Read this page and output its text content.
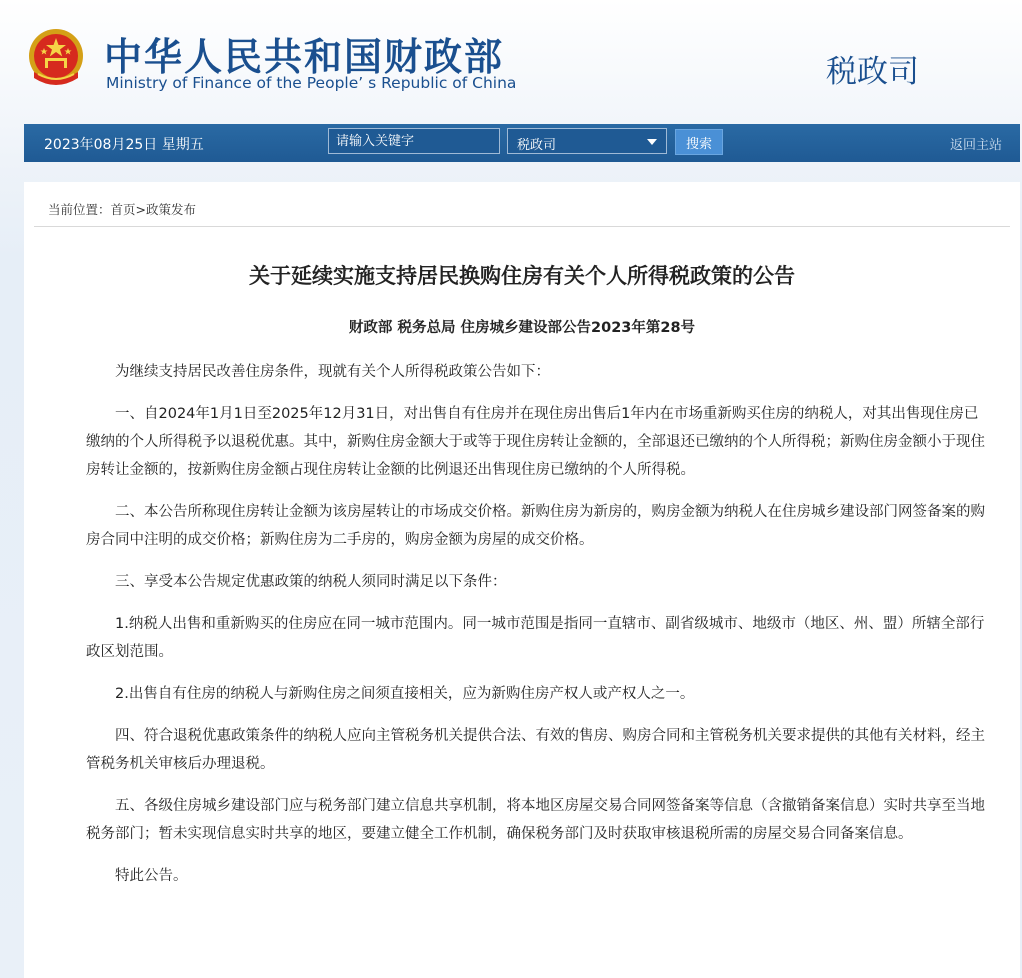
中华人民共和国财政部
Ministry of Finance of the People’ s Republic of China	税政司
2023年08月25日 星期五
请输入关键字	税政司	搜索	返回主站
当前位置：首页>政策发布
关于延续实施支持居民换购住房有关个人所得税政策的公告
财政部 税务总局 住房城乡建设部公告2023年第28号

为继续支持居民改善住房条件，现就有关个人所得税政策公告如下：

一、自2024年1月1日至2025年12月31日，对出售自有住房并在现住房出售后1年内在市场重新购买住房的纳税人，对其出售现住房已缴纳的个人所得税予以退税优惠。其中，新购住房金额大于或等于现住房转让金额的，全部退还已缴纳的个人所得税；新购住房金额小于现住房转让金额的，按新购住房金额占现住房转让金额的比例退还出售现住房已缴纳的个人所得税。

二、本公告所称现住房转让金额为该房屋转让的市场成交价格。新购住房为新房的，购房金额为纳税人在住房城乡建设部门网签备案的购房合同中注明的成交价格；新购住房为二手房的，购房金额为房屋的成交价格。

三、享受本公告规定优惠政策的纳税人须同时满足以下条件：

1.纳税人出售和重新购买的住房应在同一城市范围内。同一城市范围是指同一直辖市、副省级城市、地级市（地区、州、盟）所辖全部行政区划范围。

2.出售自有住房的纳税人与新购住房之间须直接相关，应为新购住房产权人或产权人之一。

四、符合退税优惠政策条件的纳税人应向主管税务机关提供合法、有效的售房、购房合同和主管税务机关要求提供的其他有关材料，经主管税务机关审核后办理退税。

五、各级住房城乡建设部门应与税务部门建立信息共享机制，将本地区房屋交易合同网签备案等信息（含撤销备案信息）实时共享至当地税务部门；暂未实现信息实时共享的地区，要建立健全工作机制，确保税务部门及时获取审核退税所需的房屋交易合同备案信息。

特此公告。
